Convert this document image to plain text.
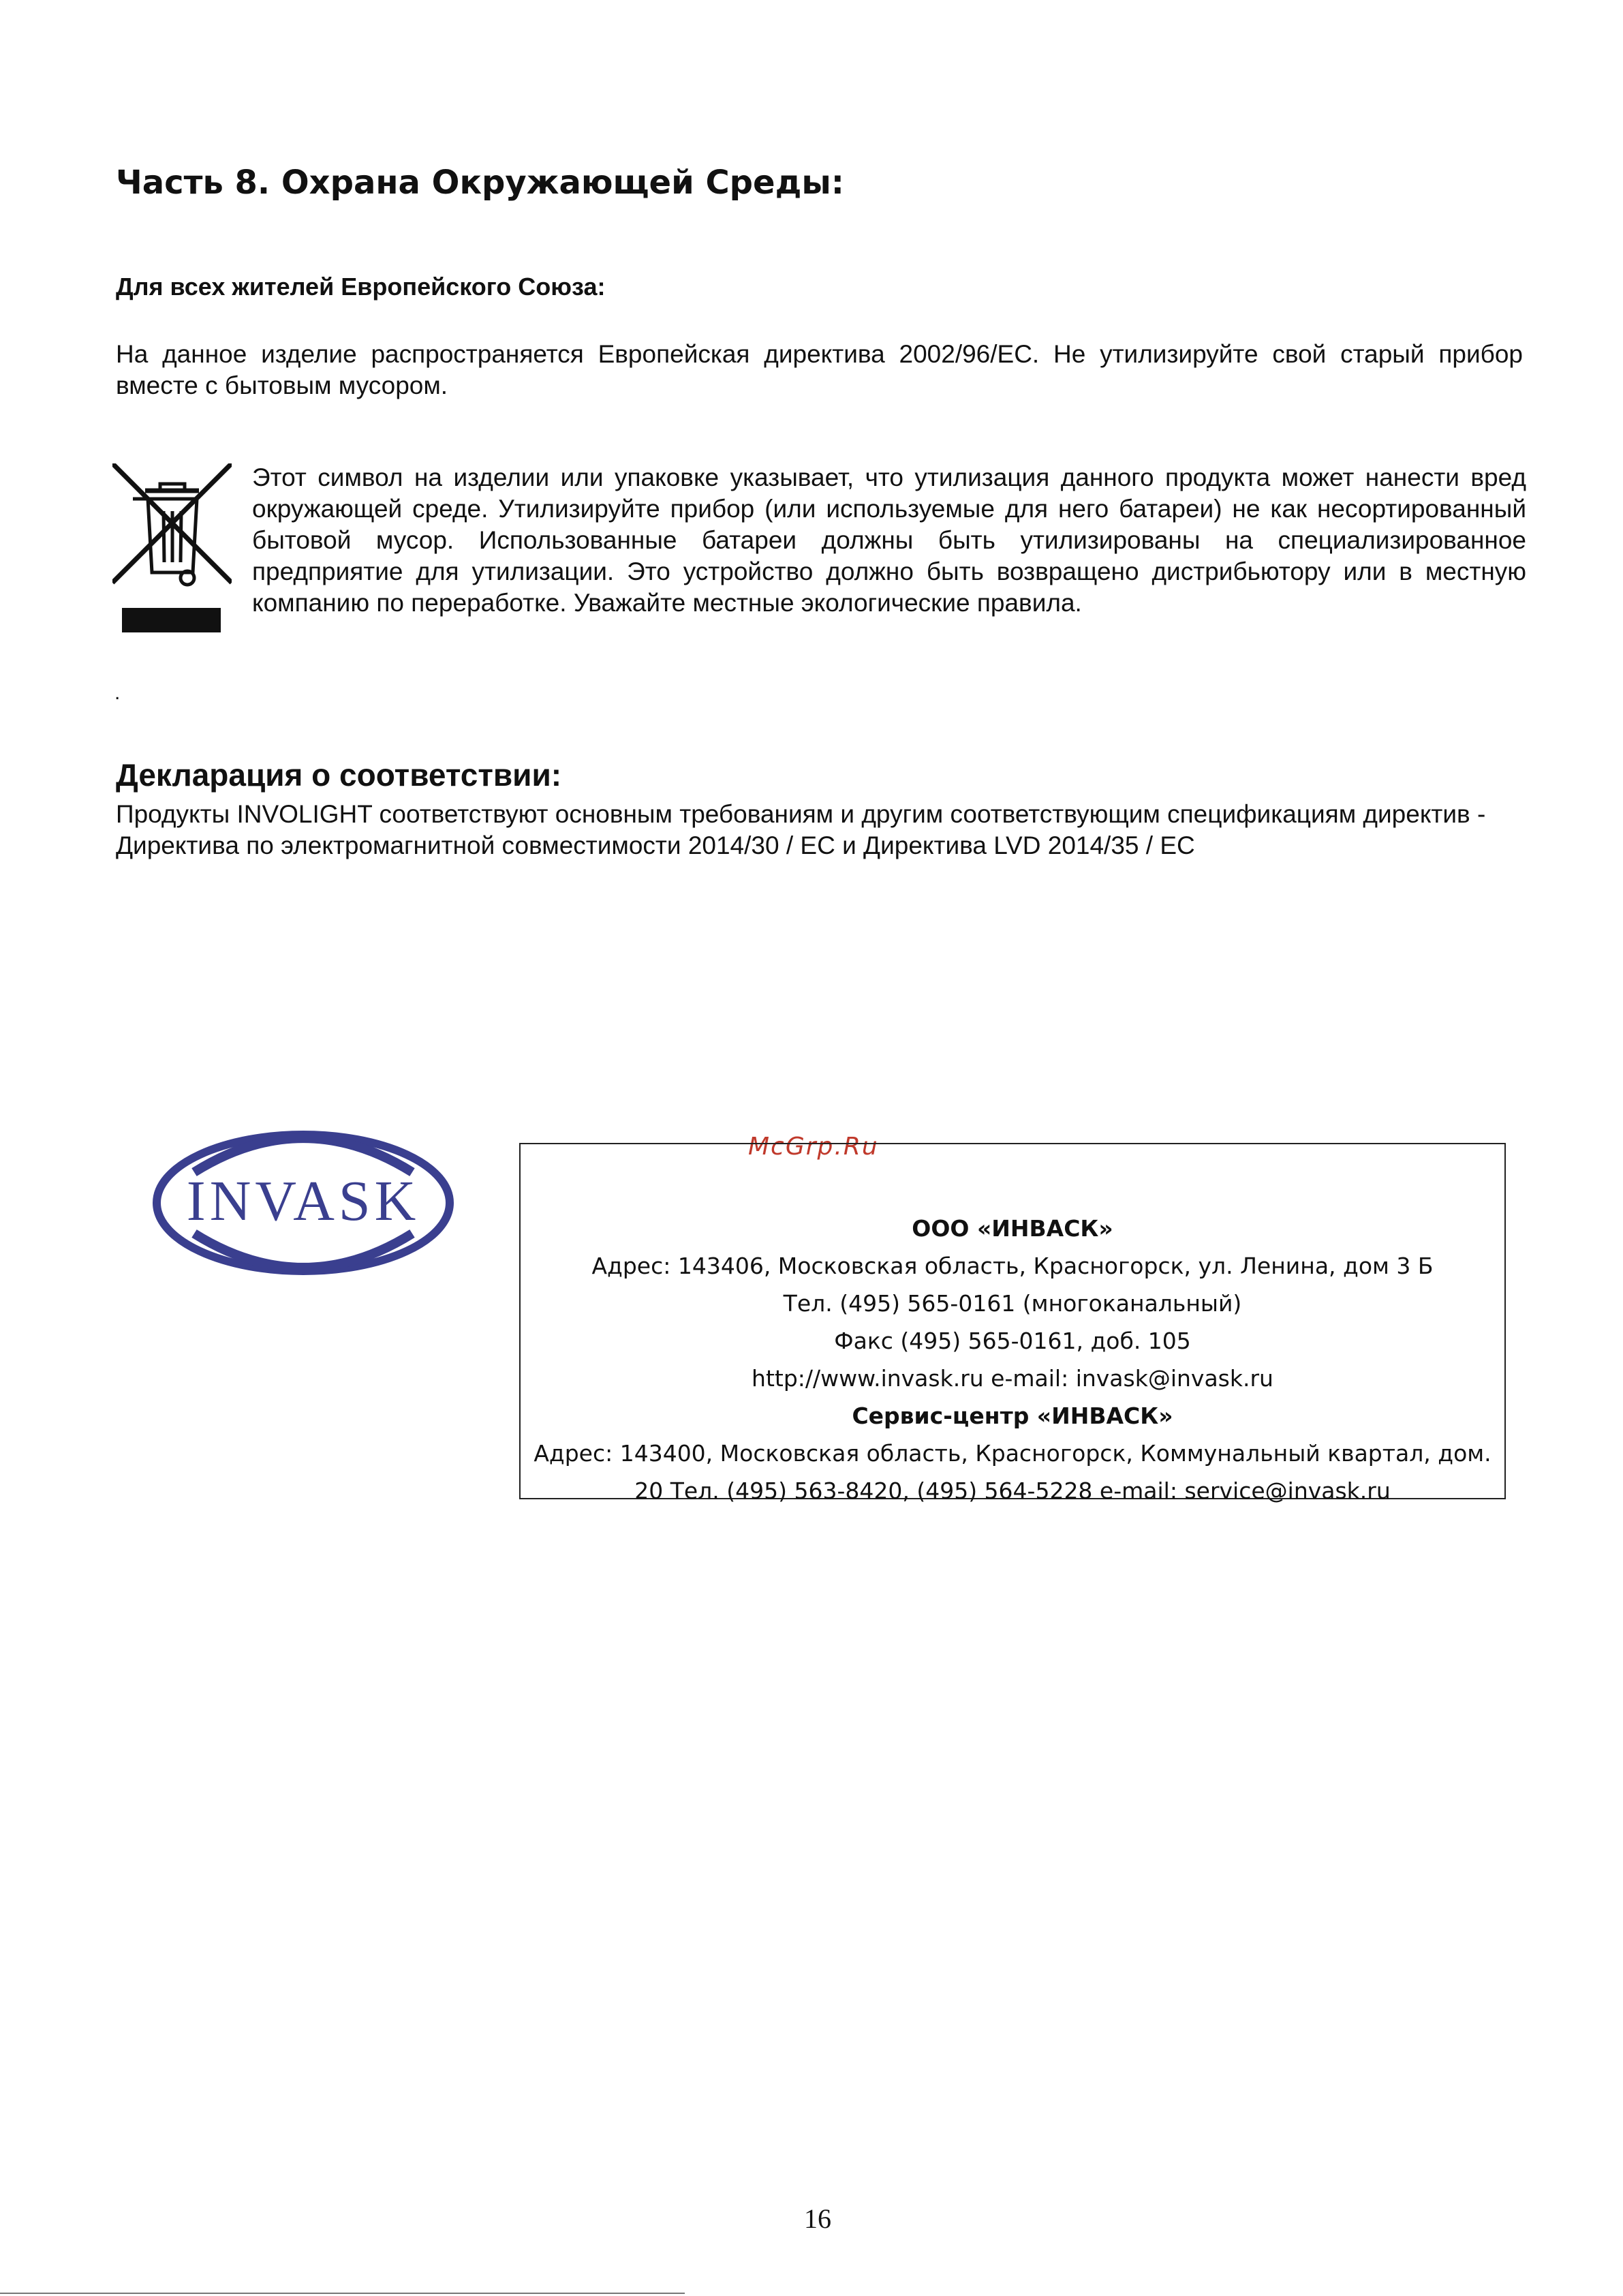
Часть 8. Охрана Окружающей Среды:
Для всех жителей Европейского Союза:

На данное изделие распространяется Европейская директива 2002/96/EC. Не утилизируйте свой старый прибор вместе с бытовым мусором.

Этот символ на изделии или упаковке указывает, что утилизация данного продукта может нанести вред окружающей среде. Утилизируйте прибор (или используемые для него батареи) не как несортированный бытовой мусор. Использованные батареи должны быть утилизированы на специализированное предприятие для утилизации. Это устройство должно быть возвращено дистрибьютору или в местную компанию по переработке. Уважайте местные экологические правила.

.
Декларация о соответствии:

Продукты INVOLIGHT соответствуют основным требованиям и другим соответствующим спецификациям директив - Директива по электромагнитной совместимости 2014/30 / ЕС и Директива LVD 2014/35 / ЕС

INVASK
McGrp.Ru
ООО «ИНВАСК»
Адрес: 143406, Московская область, Красногорск, ул. Ленина, дом 3 Б
Тел. (495) 565-0161 (многоканальный)
Факс (495) 565-0161, доб. 105
http://www.invask.ru e-mail: invask@invask.ru
Сервис-центр «ИНВАСК»
Адрес: 143400, Московская область, Красногорск, Коммунальный квартал, дом.
20 Тел. (495) 563-8420, (495) 564-5228 e-mail: service@invask.ru
16
